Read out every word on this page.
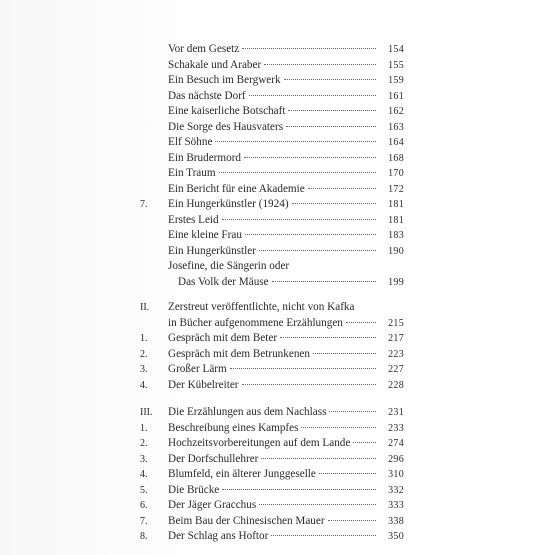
Vor dem Gesetz	154
Schakale und Araber	155
Ein Besuch im Bergwerk	159
Das nächste Dorf	161
Eine kaiserliche Botschaft	162
Die Sorge des Hausvaters	163
Elf Söhne	164
Ein Brudermord	168
Ein Traum	170
Ein Bericht für eine Akademie	172
7.	Ein Hungerkünstler (1924)	181
Erstes Leid	181
Eine kleine Frau	183
Ein Hungerkünstler	190
Josefine, die Sängerin oder
Das Volk der Mäuse	199
II.	Zerstreut veröffentlichte, nicht von Kafka
in Bücher aufgenommene Erzählungen	215
1.	Gespräch mit dem Beter	217
2.	Gespräch mit dem Betrunkenen	223
3.	Großer Lärm	227
4.	Der Kübelreiter	228
III.	Die Erzählungen aus dem Nachlass	231
1.	Beschreibung eines Kampfes	233
2.	Hochzeitsvorbereitungen auf dem Lande	274
3.	Der Dorfschullehrer	296
4.	Blumfeld, ein älterer Junggeselle	310
5.	Die Brücke	332
6.	Der Jäger Gracchus	333
7.	Beim Bau der Chinesischen Mauer	338
8.	Der Schlag ans Hoftor	350
